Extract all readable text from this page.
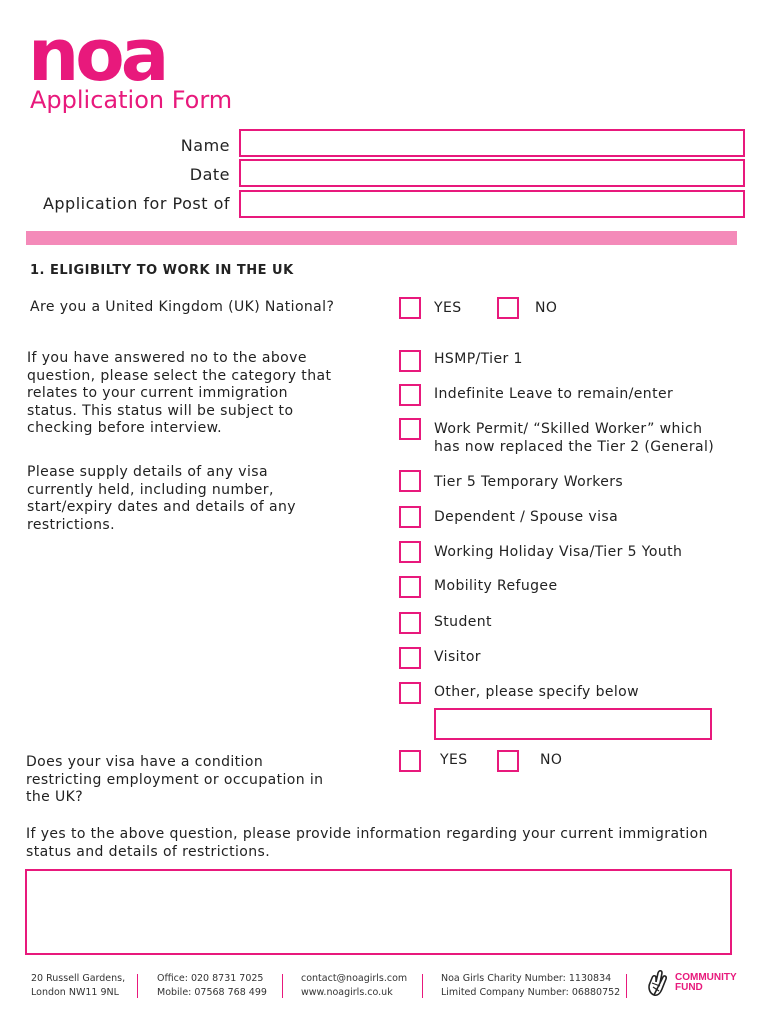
noa
Application Form
Name
Date
Application for Post of
1. ELIGIBILTY TO WORK IN THE UK
Are you a United Kingdom (UK) National?	YES	NO
If you have answered no to the above
question, please select the category that
relates to your current immigration
status. This status will be subject to
checking before interview.
Please supply details of any visa
currently held, including number,
start/expiry dates and details of any
restrictions.
HSMP/Tier 1
Indefinite Leave to remain/enter
Work Permit/ “Skilled Worker” which
has now replaced the Tier 2 (General)
Tier 5 Temporary Workers
Dependent / Spouse visa
Working Holiday Visa/Tier 5 Youth
Mobility Refugee
Student
Visitor
Other, please specify below
Does your visa have a condition
restricting employment or occupation in
the UK?
YES	NO
If yes to the above question, please provide information regarding your current immigration
status and details of restrictions.
20 Russell Gardens,
London NW11 9NL
Office: 020 8731 7025
Mobile: 07568 768 499
contact@noagirls.com
www.noagirls.co.uk
Noa Girls Charity Number: 1130834
Limited Company Number: 06880752
COMMUNITY
FUND
